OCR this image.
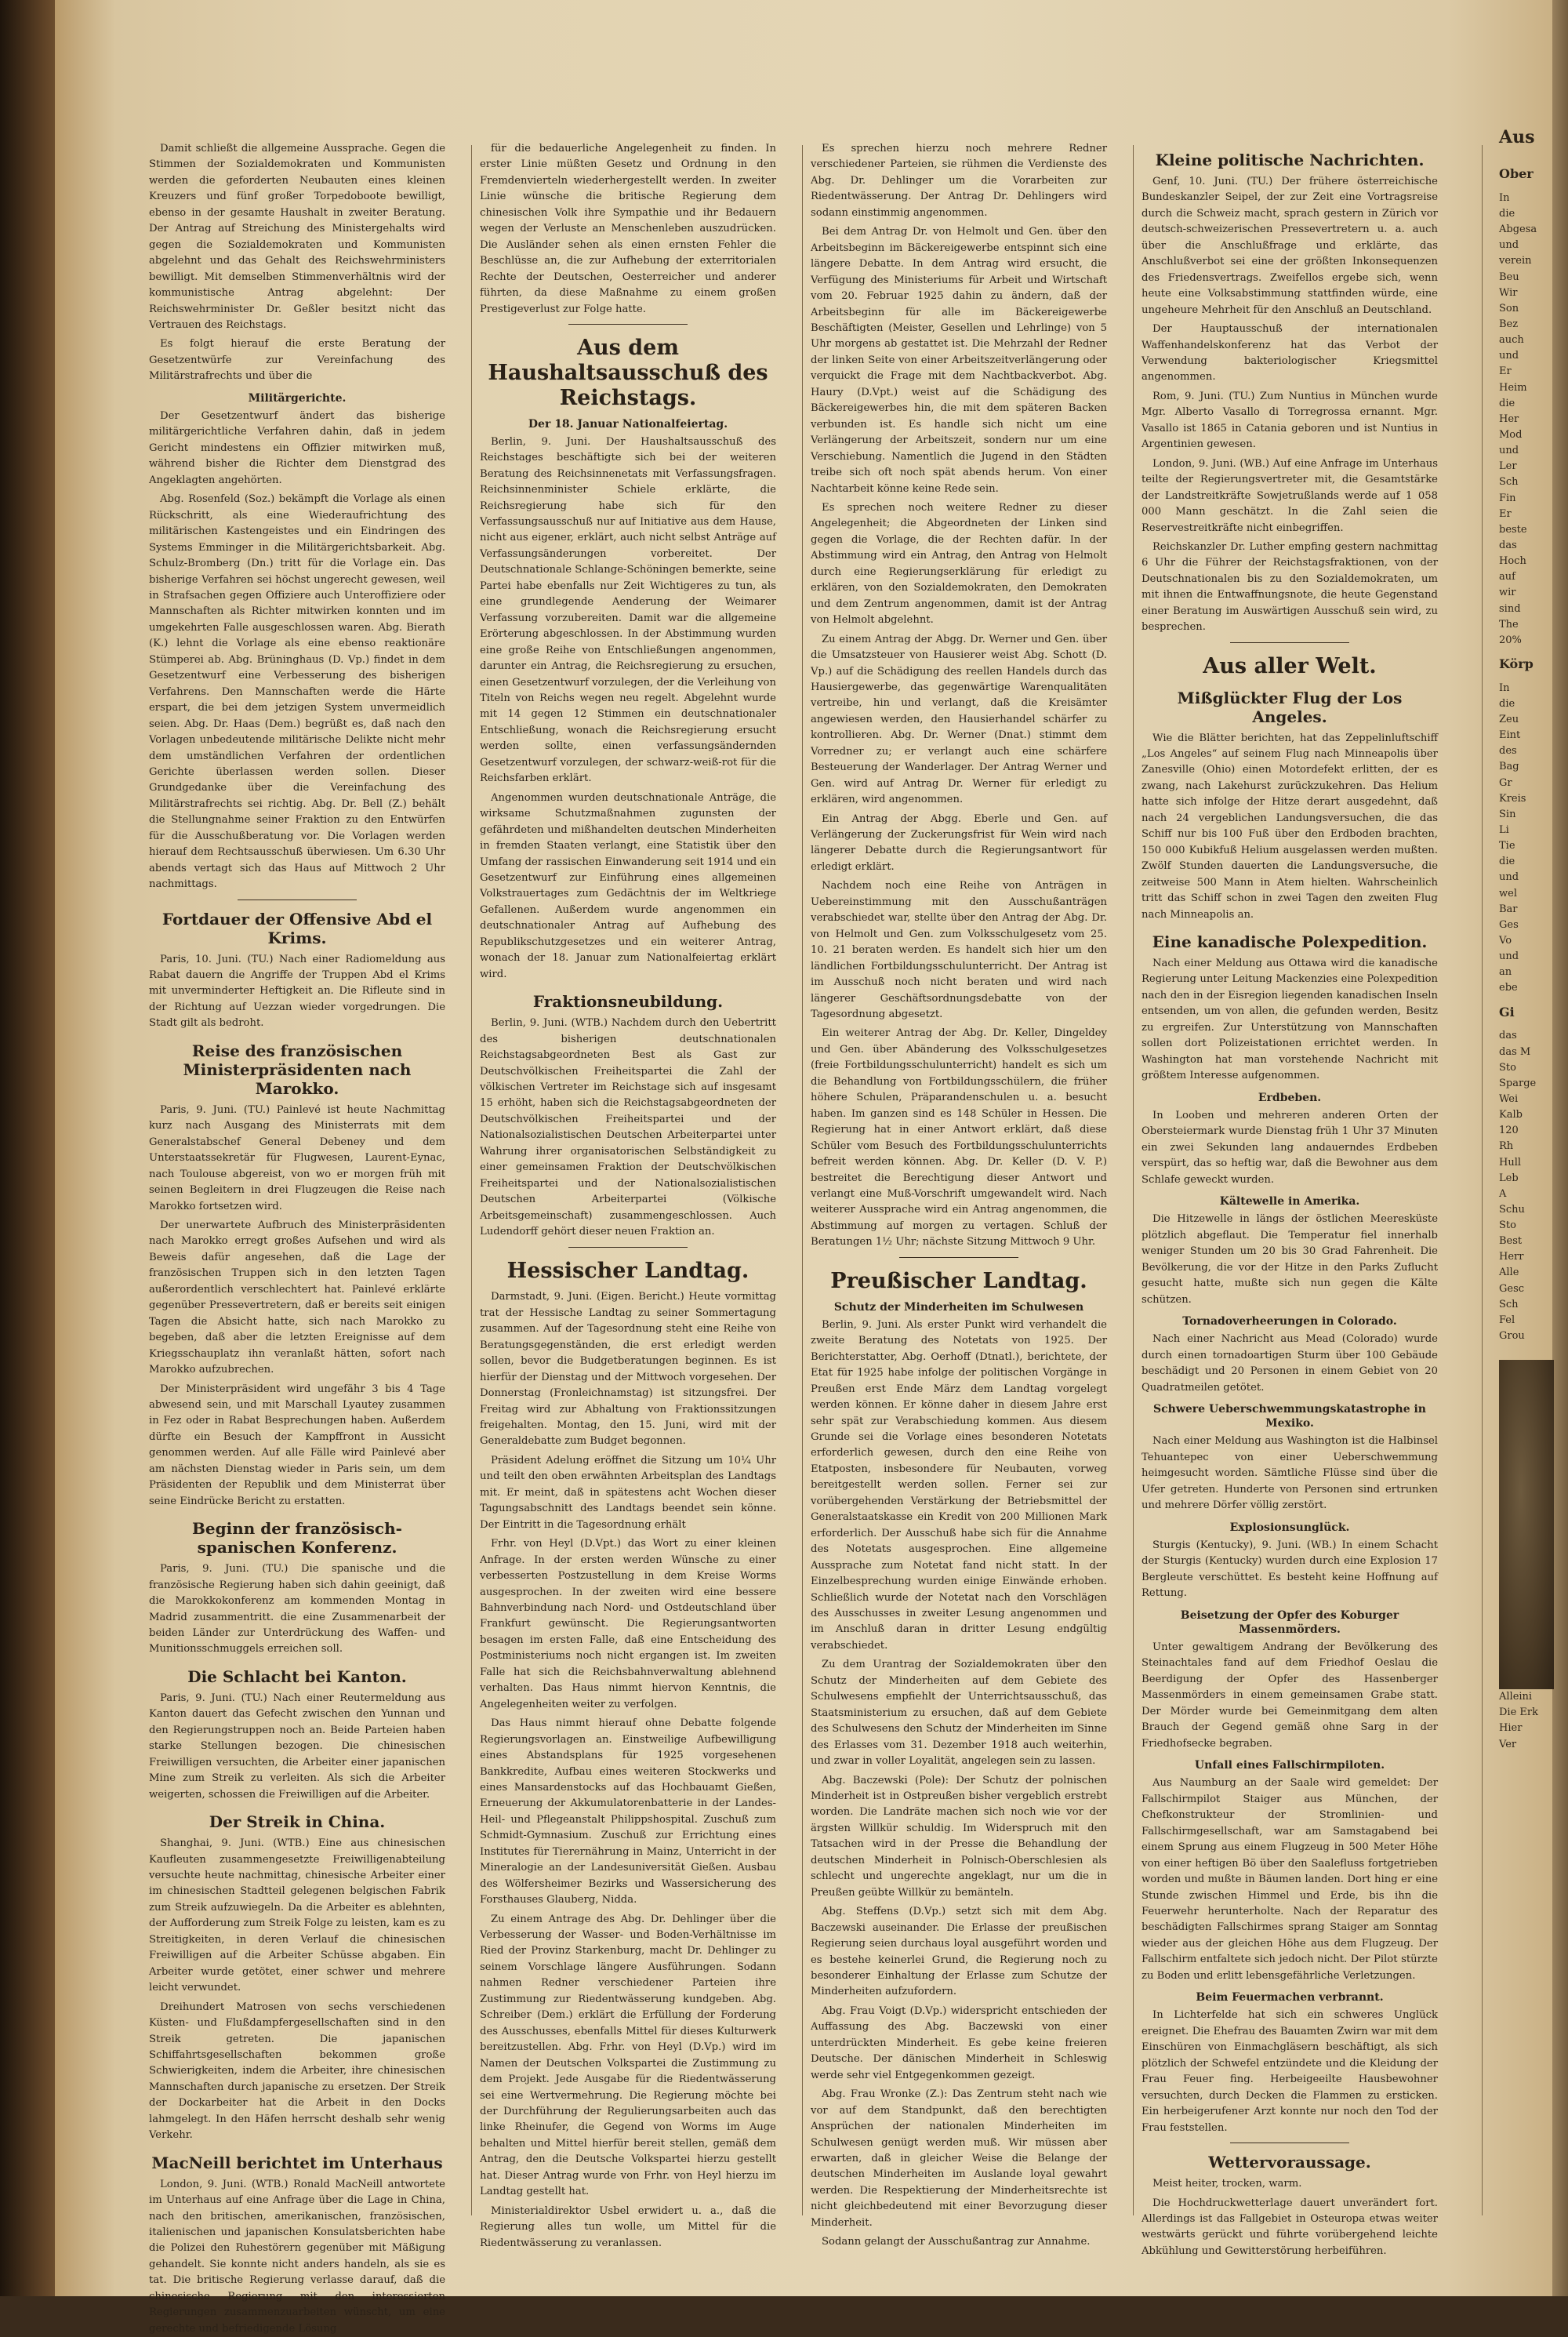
Damit schließt die allgemeine Aussprache. Gegen die Stimmen der Sozialdemokraten und Kommunisten werden die geforderten Neubauten eines kleinen Kreuzers und fünf großer Torpedoboote bewilligt, ebenso in der gesamte Haushalt in zweiter Beratung. Der Antrag auf Streichung des Ministergehalts wird gegen die Sozialdemokraten und Kommunisten abgelehnt und das Gehalt des Reichswehrministers bewilligt. Mit demselben Stimmenverhältnis wird der kommunistische Antrag abgelehnt: Der Reichswehrminister Dr. Geßler besitzt nicht das Vertrauen des Reichstags.

Es folgt hierauf die erste Beratung der Gesetzentwürfe zur Vereinfachung des Militärstrafrechts und über die

Militärgerichte.

Der Gesetzentwurf ändert das bisherige militärgerichtliche Verfahren dahin, daß in jedem Gericht mindestens ein Offizier mitwirken muß, während bisher die Richter dem Dienstgrad des Angeklagten angehörten.

Abg. Rosenfeld (Soz.) bekämpft die Vorlage als einen Rückschritt, als eine Wiederaufrichtung des militärischen Kastengeistes und ein Eindringen des Systems Emminger in die Militärgerichtsbarkeit. Abg. Schulz-Bromberg (Dn.) tritt für die Vorlage ein. Das bisherige Verfahren sei höchst ungerecht gewesen, weil in Strafsachen gegen Offiziere auch Unteroffiziere oder Mannschaften als Richter mitwirken konnten und im umgekehrten Falle ausgeschlossen waren. Abg. Bierath (K.) lehnt die Vorlage als eine ebenso reaktionäre Stümperei ab. Abg. Brüninghaus (D. Vp.) findet in dem Gesetzentwurf eine Verbesserung des bisherigen Verfahrens. Den Mannschaften werde die Härte erspart, die bei dem jetzigen System unvermeidlich seien. Abg. Dr. Haas (Dem.) begrüßt es, daß nach den Vorlagen unbedeutende militärische Delikte nicht mehr dem umständlichen Verfahren der ordentlichen Gerichte überlassen werden sollen. Dieser Grundgedanke über die Vereinfachung des Militärstrafrechts sei richtig. Abg. Dr. Bell (Z.) behält die Stellungnahme seiner Fraktion zu den Entwürfen für die Ausschußberatung vor. Die Vorlagen werden hierauf dem Rechtsausschuß überwiesen. Um 6.30 Uhr abends vertagt sich das Haus auf Mittwoch 2 Uhr nachmittags.

Fortdauer der Offensive Abd el Krims.

Paris, 10. Juni. (TU.) Nach einer Radiomeldung aus Rabat dauern die Angriffe der Truppen Abd el Krims mit unverminderter Heftigkeit an. Die Rifleute sind in der Richtung auf Uezzan wieder vorgedrungen. Die Stadt gilt als bedroht.

Reise des französischen Ministerpräsidenten nach Marokko.

Paris, 9. Juni. (TU.) Painlevé ist heute Nachmittag kurz nach Ausgang des Ministerrats mit dem Generalstabschef General Debeney und dem Unterstaatssekretär für Flugwesen, Laurent-Eynac, nach Toulouse abgereist, von wo er morgen früh mit seinen Begleitern in drei Flugzeugen die Reise nach Marokko fortsetzen wird.

Der unerwartete Aufbruch des Ministerpräsidenten nach Marokko erregt großes Aufsehen und wird als Beweis dafür angesehen, daß die Lage der französischen Truppen sich in den letzten Tagen außerordentlich verschlechtert hat. Painlevé erklärte gegenüber Pressevertretern, daß er bereits seit einigen Tagen die Absicht hatte, sich nach Marokko zu begeben, daß aber die letzten Ereignisse auf dem Kriegsschauplatz ihn veranlaßt hätten, sofort nach Marokko aufzubrechen.

Der Ministerpräsident wird ungefähr 3 bis 4 Tage abwesend sein, und mit Marschall Lyautey zusammen in Fez oder in Rabat Besprechungen haben. Außerdem dürfte ein Besuch der Kampffront in Aussicht genommen werden. Auf alle Fälle wird Painlevé aber am nächsten Dienstag wieder in Paris sein, um dem Präsidenten der Republik und dem Ministerrat über seine Eindrücke Bericht zu erstatten.

Beginn der französisch-spanischen Konferenz.

Paris, 9. Juni. (TU.) Die spanische und die französische Regierung haben sich dahin geeinigt, daß die Marokkokonferenz am kommenden Montag in Madrid zusammentritt. die eine Zusammenarbeit der beiden Länder zur Unterdrückung des Waffen- und Munitionsschmuggels erreichen soll.

Die Schlacht bei Kanton.

Paris, 9. Juni. (TU.) Nach einer Reutermeldung aus Kanton dauert das Gefecht zwischen den Yunnan und den Regierungstruppen noch an. Beide Parteien haben starke Stellungen bezogen. Die chinesischen Freiwilligen versuchten, die Arbeiter einer japanischen Mine zum Streik zu verleiten. Als sich die Arbeiter weigerten, schossen die Freiwilligen auf die Arbeiter.

Der Streik in China.

Shanghai, 9. Juni. (WTB.) Eine aus chinesischen Kaufleuten zusammengesetzte Freiwilligenabteilung versuchte heute nachmittag, chinesische Arbeiter einer im chinesischen Stadtteil gelegenen belgischen Fabrik zum Streik aufzuwiegeln. Da die Arbeiter es ablehnten, der Aufforderung zum Streik Folge zu leisten, kam es zu Streitigkeiten, in deren Verlauf die chinesischen Freiwilligen auf die Arbeiter Schüsse abgaben. Ein Arbeiter wurde getötet, einer schwer und mehrere leicht verwundet.

Dreihundert Matrosen von sechs verschiedenen Küsten- und Flußdampfergesellschaften sind in den Streik getreten. Die japanischen Schiffahrtsgesellschaften bekommen große Schwierigkeiten, indem die Arbeiter, ihre chinesischen Mannschaften durch japanische zu ersetzen. Der Streik der Dockarbeiter hat die Arbeit in den Docks lahmgelegt. In den Häfen herrscht deshalb sehr wenig Verkehr.

MacNeill berichtet im Unterhaus

London, 9. Juni. (WTB.) Ronald MacNeill antwortete im Unterhaus auf eine Anfrage über die Lage in China, nach den britischen, amerikanischen, französischen, italienischen und japanischen Konsulatsberichten habe die Polizei den Ruhestörern gegenüber mit Mäßigung gehandelt. Sie konnte nicht anders handeln, als sie es tat. Die britische Regierung verlasse darauf, daß die chinesische Regierung mit den interessierten Regierungen zusammenzuarbeiten wünscht, um eine gerechte und befriedigende Lösung

für die bedauerliche Angelegenheit zu finden. In erster Linie müßten Gesetz und Ordnung in den Fremdenvierteln wiederhergestellt werden. In zweiter Linie wünsche die britische Regierung dem chinesischen Volk ihre Sympathie und ihr Bedauern wegen der Verluste an Menschenleben auszudrücken. Die Ausländer sehen als einen ernsten Fehler die Beschlüsse an, die zur Aufhebung der exterritorialen Rechte der Deutschen, Oesterreicher und anderer führten, da diese Maßnahme zu einem großen Prestigeverlust zur Folge hatte.

Aus dem Haushaltsausschuß des Reichstags.
Der 18. Januar Nationalfeiertag.

Berlin, 9. Juni. Der Haushaltsausschuß des Reichstages beschäftigte sich bei der weiteren Beratung des Reichsinnenetats mit Verfassungsfragen. Reichsinnenminister Schiele erklärte, die Reichsregierung habe sich für den Verfassungsausschuß nur auf Initiative aus dem Hause, nicht aus eigener, erklärt, auch nicht selbst Anträge auf Verfassungsänderungen vorbereitet. Der Deutschnationale Schlange-Schöningen bemerkte, seine Partei habe ebenfalls nur Zeit Wichtigeres zu tun, als eine grundlegende Aenderung der Weimarer Verfassung vorzubereiten. Damit war die allgemeine Erörterung abgeschlossen. In der Abstimmung wurden eine große Reihe von Entschließungen angenommen, darunter ein Antrag, die Reichsregierung zu ersuchen, einen Gesetzentwurf vorzulegen, der die Verleihung von Titeln von Reichs wegen neu regelt. Abgelehnt wurde mit 14 gegen 12 Stimmen ein deutschnationaler Entschließung, wonach die Reichsregierung ersucht werden sollte, einen verfassungsändernden Gesetzentwurf vorzulegen, der schwarz-weiß-rot für die Reichsfarben erklärt.

Angenommen wurden deutschnationale Anträge, die wirksame Schutzmaßnahmen zugunsten der gefährdeten und mißhandelten deutschen Minderheiten in fremden Staaten verlangt, eine Statistik über den Umfang der rassischen Einwanderung seit 1914 und ein Gesetzentwurf zur Einführung eines allgemeinen Volkstrauertages zum Gedächtnis der im Weltkriege Gefallenen. Außerdem wurde angenommen ein deutschnationaler Antrag auf Aufhebung des Republikschutzgesetzes und ein weiterer Antrag, wonach der 18. Januar zum Nationalfeiertag erklärt wird.

Fraktionsneubildung.

Berlin, 9. Juni. (WTB.) Nachdem durch den Uebertritt des bisherigen deutschnationalen Reichstagsabgeordneten Best als Gast zur Deutschvölkischen Freiheitspartei die Zahl der völkischen Vertreter im Reichstage sich auf insgesamt 15 erhöht, haben sich die Reichstagsabgeordneten der Deutschvölkischen Freiheitspartei und der Nationalsozialistischen Deutschen Arbeiterpartei unter Wahrung ihrer organisatorischen Selbständigkeit zu einer gemeinsamen Fraktion der Deutschvölkischen Freiheitspartei und der Nationalsozialistischen Deutschen Arbeiterpartei (Völkische Arbeitsgemeinschaft) zusammengeschlossen. Auch Ludendorff gehört dieser neuen Fraktion an.

Hessischer Landtag.

Darmstadt, 9. Juni. (Eigen. Bericht.) Heute vormittag trat der Hessische Landtag zu seiner Sommertagung zusammen. Auf der Tagesordnung steht eine Reihe von Beratungsgegenständen, die erst erledigt werden sollen, bevor die Budgetberatungen beginnen. Es ist hierfür der Dienstag und der Mittwoch vorgesehen. Der Donnerstag (Fronleichnamstag) ist sitzungsfrei. Der Freitag wird zur Abhaltung von Fraktionssitzungen freigehalten. Montag, den 15. Juni, wird mit der Generaldebatte zum Budget begonnen.

Präsident Adelung eröffnet die Sitzung um 10¼ Uhr und teilt den oben erwähnten Arbeitsplan des Landtags mit. Er meint, daß in spätestens acht Wochen dieser Tagungsabschnitt des Landtags beendet sein könne. Der Eintritt in die Tagesordnung erhält

Frhr. von Heyl (D.Vpt.) das Wort zu einer kleinen Anfrage. In der ersten werden Wünsche zu einer verbesserten Postzustellung in dem Kreise Worms ausgesprochen. In der zweiten wird eine bessere Bahnverbindung nach Nord- und Ostdeutschland über Frankfurt gewünscht. Die Regierungsantworten besagen im ersten Falle, daß eine Entscheidung des Postministeriums noch nicht ergangen ist. Im zweiten Falle hat sich die Reichsbahnverwaltung ablehnend verhalten. Das Haus nimmt hiervon Kenntnis, die Angelegenheiten weiter zu verfolgen.

Das Haus nimmt hierauf ohne Debatte folgende Regierungsvorlagen an. Einstweilige Aufbewilligung eines Abstandsplans für 1925 vorgesehenen Bankkredite, Aufbau eines weiteren Stockwerks und eines Mansardenstocks auf das Hochbauamt Gießen, Erneuerung der Akkumulatorenbatterie in der Landes-Heil- und Pflegeanstalt Philippshospital. Zuschuß zum Schmidt-Gymnasium. Zuschuß zur Errichtung eines Institutes für Tierernährung in Mainz, Unterricht in der Mineralogie an der Landesuniversität Gießen. Ausbau des Wölfersheimer Bezirks und Wassersicherung des Forsthauses Glauberg, Nidda.

Zu einem Antrage des Abg. Dr. Dehlinger über die Verbesserung der Wasser- und Boden-Verhältnisse im Ried der Provinz Starkenburg, macht Dr. Dehlinger zu seinem Vorschlage längere Ausführungen. Sodann nahmen Redner verschiedener Parteien ihre Zustimmung zur Riedentwässerung kundgeben. Abg. Schreiber (Dem.) erklärt die Erfüllung der Forderung des Ausschusses, ebenfalls Mittel für dieses Kulturwerk bereitzustellen. Abg. Frhr. von Heyl (D.Vp.) wird im Namen der Deutschen Volkspartei die Zustimmung zu dem Projekt. Jede Ausgabe für die Riedentwässerung sei eine Wertvermehrung. Die Regierung möchte bei der Durchführung der Regulierungsarbeiten auch das linke Rheinufer, die Gegend von Worms im Auge behalten und Mittel hierfür bereit stellen, gemäß dem Antrag, den die Deutsche Volkspartei hierzu gestellt hat. Dieser Antrag wurde von Frhr. von Heyl hierzu im Landtag gestellt hat.

Ministerialdirektor Usbel erwidert u. a., daß die Regierung alles tun wolle, um Mittel für die Riedentwässerung zu veranlassen.

Es sprechen hierzu noch mehrere Redner verschiedener Parteien, sie rühmen die Verdienste des Abg. Dr. Dehlinger um die Vorarbeiten zur Riedentwässerung. Der Antrag Dr. Dehlingers wird sodann einstimmig angenommen.

Bei dem Antrag Dr. von Helmolt und Gen. über den Arbeitsbeginn im Bäckereigewerbe entspinnt sich eine längere Debatte. In dem Antrag wird ersucht, die Verfügung des Ministeriums für Arbeit und Wirtschaft vom 20. Februar 1925 dahin zu ändern, daß der Arbeitsbeginn für alle im Bäckereigewerbe Beschäftigten (Meister, Gesellen und Lehrlinge) von 5 Uhr morgens ab gestattet ist. Die Mehrzahl der Redner der linken Seite von einer Arbeitszeitverlängerung oder verquickt die Frage mit dem Nachtbackverbot. Abg. Haury (D.Vpt.) weist auf die Schädigung des Bäckereigewerbes hin, die mit dem späteren Backen verbunden ist. Es handle sich nicht um eine Verlängerung der Arbeitszeit, sondern nur um eine Verschiebung. Namentlich die Jugend in den Städten treibe sich oft noch spät abends herum. Von einer Nachtarbeit könne keine Rede sein.

Es sprechen noch weitere Redner zu dieser Angelegenheit; die Abgeordneten der Linken sind gegen die Vorlage, die der Rechten dafür. In der Abstimmung wird ein Antrag, den Antrag von Helmolt durch eine Regierungserklärung für erledigt zu erklären, von den Sozialdemokraten, den Demokraten und dem Zentrum angenommen, damit ist der Antrag von Helmolt abgelehnt.

Zu einem Antrag der Abgg. Dr. Werner und Gen. über die Umsatzsteuer von Hausierer weist Abg. Schott (D. Vp.) auf die Schädigung des reellen Handels durch das Hausiergewerbe, das gegenwärtige Warenqualitäten vertreibe, hin und verlangt, daß die Kreisämter angewiesen werden, den Hausierhandel schärfer zu kontrollieren. Abg. Dr. Werner (Dnat.) stimmt dem Vorredner zu; er verlangt auch eine schärfere Besteuerung der Wanderlager. Der Antrag Werner und Gen. wird auf Antrag Dr. Werner für erledigt zu erklären, wird angenommen.

Ein Antrag der Abgg. Eberle und Gen. auf Verlängerung der Zuckerungsfrist für Wein wird nach längerer Debatte durch die Regierungsantwort für erledigt erklärt.

Nachdem noch eine Reihe von Anträgen in Uebereinstimmung mit den Ausschußanträgen verabschiedet war, stellte über den Antrag der Abg. Dr. von Helmolt und Gen. zum Volksschulgesetz vom 25. 10. 21 beraten werden. Es handelt sich hier um den ländlichen Fortbildungsschulunterricht. Der Antrag ist im Ausschuß noch nicht beraten und wird nach längerer Geschäftsordnungsdebatte von der Tagesordnung abgesetzt.

Ein weiterer Antrag der Abg. Dr. Keller, Dingeldey und Gen. über Abänderung des Volksschulgesetzes (freie Fortbildungsschulunterricht) handelt es sich um die Behandlung von Fortbildungsschülern, die früher höhere Schulen, Präparandenschulen u. a. besucht haben. Im ganzen sind es 148 Schüler in Hessen. Die Regierung hat in einer Antwort erklärt, daß diese Schüler vom Besuch des Fortbildungsschulunterrichts befreit werden können. Abg. Dr. Keller (D. V. P.) bestreitet die Berechtigung dieser Antwort und verlangt eine Muß-Vorschrift umgewandelt wird. Nach weiterer Aussprache wird ein Antrag angenommen, die Abstimmung auf morgen zu vertagen. Schluß der Beratungen 1½ Uhr; nächste Sitzung Mittwoch 9 Uhr.

Preußischer Landtag.
Schutz der Minderheiten im Schulwesen

Berlin, 9. Juni. Als erster Punkt wird verhandelt die zweite Beratung des Notetats von 1925. Der Berichterstatter, Abg. Oerhoff (Dtnatl.), berichtete, der Etat für 1925 habe infolge der politischen Vorgänge in Preußen erst Ende März dem Landtag vorgelegt werden können. Er könne daher in diesem Jahre erst sehr spät zur Verabschiedung kommen. Aus diesem Grunde sei die Vorlage eines besonderen Notetats erforderlich gewesen, durch den eine Reihe von Etatposten, insbesondere für Neubauten, vorweg bereitgestellt werden sollen. Ferner sei zur vorübergehenden Verstärkung der Betriebsmittel der Generalstaatskasse ein Kredit von 200 Millionen Mark erforderlich. Der Ausschuß habe sich für die Annahme des Notetats ausgesprochen. Eine allgemeine Aussprache zum Notetat fand nicht statt. In der Einzelbesprechung wurden einige Einwände erhoben. Schließlich wurde der Notetat nach den Vorschlägen des Ausschusses in zweiter Lesung angenommen und im Anschluß daran in dritter Lesung endgültig verabschiedet.

Zu dem Urantrag der Sozialdemokraten über den Schutz der Minderheiten auf dem Gebiete des Schulwesens empfiehlt der Unterrichtsausschuß, das Staatsministerium zu ersuchen, daß auf dem Gebiete des Schulwesens den Schutz der Minderheiten im Sinne des Erlasses vom 31. Dezember 1918 auch weiterhin, und zwar in voller Loyalität, angelegen sein zu lassen.

Abg. Baczewski (Pole): Der Schutz der polnischen Minderheit ist in Ostpreußen bisher vergeblich erstrebt worden. Die Landräte machen sich noch wie vor der ärgsten Willkür schuldig. Im Widerspruch mit den Tatsachen wird in der Presse die Behandlung der deutschen Minderheit in Polnisch-Oberschlesien als schlecht und ungerechte angeklagt, nur um die in Preußen geübte Willkür zu bemänteln.

Abg. Steffens (D.Vp.) setzt sich mit dem Abg. Baczewski auseinander. Die Erlasse der preußischen Regierung seien durchaus loyal ausgeführt worden und es bestehe keinerlei Grund, die Regierung noch zu besonderer Einhaltung der Erlasse zum Schutze der Minderheiten aufzufordern.

Abg. Frau Voigt (D.Vp.) widerspricht entschieden der Auffassung des Abg. Baczewski von einer unterdrückten Minderheit. Es gebe keine freieren Deutsche. Der dänischen Minderheit in Schleswig werde sehr viel Entgegenkommen gezeigt.

Abg. Frau Wronke (Z.): Das Zentrum steht nach wie vor auf dem Standpunkt, daß den berechtigten Ansprüchen der nationalen Minderheiten im Schulwesen genügt werden muß. Wir müssen aber erwarten, daß in gleicher Weise die Belange der deutschen Minderheiten im Auslande loyal gewahrt werden. Die Respektierung der Minderheitsrechte ist nicht gleichbedeutend mit einer Bevorzugung dieser Minderheit.

Sodann gelangt der Ausschußantrag zur Annahme.

Kleine politische Nachrichten.

Genf, 10. Juni. (TU.) Der frühere österreichische Bundeskanzler Seipel, der zur Zeit eine Vortragsreise durch die Schweiz macht, sprach gestern in Zürich vor deutsch-schweizerischen Pressevertretern u. a. auch über die Anschlußfrage und erklärte, das Anschlußverbot sei eine der größten Inkonsequenzen des Friedensvertrags. Zweifellos ergebe sich, wenn heute eine Volksabstimmung stattfinden würde, eine ungeheure Mehrheit für den Anschluß an Deutschland.

Der Hauptausschuß der internationalen Waffenhandelskonferenz hat das Verbot der Verwendung bakteriologischer Kriegsmittel angenommen.

Rom, 9. Juni. (TU.) Zum Nuntius in München wurde Mgr. Alberto Vasallo di Torregrossa ernannt. Mgr. Vasallo ist 1865 in Catania geboren und ist Nuntius in Argentinien gewesen.

London, 9. Juni. (WB.) Auf eine Anfrage im Unterhaus teilte der Regierungsvertreter mit, die Gesamtstärke der Landstreitkräfte Sowjetrußlands werde auf 1 058 000 Mann geschätzt. In die Zahl seien die Reservestreitkräfte nicht einbegriffen.

Reichskanzler Dr. Luther empfing gestern nachmittag 6 Uhr die Führer der Reichstagsfraktionen, von der Deutschnationalen bis zu den Sozialdemokraten, um mit ihnen die Entwaffnungsnote, die heute Gegenstand einer Beratung im Auswärtigen Ausschuß sein wird, zu besprechen.

Aus aller Welt.
Mißglückter Flug der Los Angeles.

Wie die Blätter berichten, hat das Zeppelinluftschiff „Los Angeles“ auf seinem Flug nach Minneapolis über Zanesville (Ohio) einen Motordefekt erlitten, der es zwang, nach Lakehurst zurückzukehren. Das Helium hatte sich infolge der Hitze derart ausgedehnt, daß nach 24 vergeblichen Landungsversuchen, die das Schiff nur bis 100 Fuß über den Erdboden brachten, 150 000 Kubikfuß Helium ausgelassen werden mußten. Zwölf Stunden dauerten die Landungsversuche, die zeitweise 500 Mann in Atem hielten. Wahrscheinlich tritt das Schiff schon in zwei Tagen den zweiten Flug nach Minneapolis an.

Eine kanadische Polexpedition.

Nach einer Meldung aus Ottawa wird die kanadische Regierung unter Leitung Mackenzies eine Polexpedition nach den in der Eisregion liegenden kanadischen Inseln entsenden, um von allen, die gefunden werden, Besitz zu ergreifen. Zur Unterstützung von Mannschaften sollen dort Polizeistationen errichtet werden. In Washington hat man vorstehende Nachricht mit größtem Interesse aufgenommen.

Erdbeben.

In Looben und mehreren anderen Orten der Obersteiermark wurde Dienstag früh 1 Uhr 37 Minuten ein zwei Sekunden lang andauerndes Erdbeben verspürt, das so heftig war, daß die Bewohner aus dem Schlafe geweckt wurden.

Kältewelle in Amerika.

Die Hitzewelle in längs der östlichen Meeresküste plötzlich abgeflaut. Die Temperatur fiel innerhalb weniger Stunden um 20 bis 30 Grad Fahrenheit. Die Bevölkerung, die vor der Hitze in den Parks Zuflucht gesucht hatte, mußte sich nun gegen die Kälte schützen.

Tornadoverheerungen in Colorado.

Nach einer Nachricht aus Mead (Colorado) wurde durch einen tornadoartigen Sturm über 100 Gebäude beschädigt und 20 Personen in einem Gebiet von 20 Quadratmeilen getötet.

Schwere Ueberschwemmungskatastrophe in Mexiko.

Nach einer Meldung aus Washington ist die Halbinsel Tehuantepec von einer Ueberschwemmung heimgesucht worden. Sämtliche Flüsse sind über die Ufer getreten. Hunderte von Personen sind ertrunken und mehrere Dörfer völlig zerstört.

Explosionsunglück.

Sturgis (Kentucky), 9. Juni. (WB.) In einem Schacht der Sturgis (Kentucky) wurden durch eine Explosion 17 Bergleute verschüttet. Es besteht keine Hoffnung auf Rettung.

Beisetzung der Opfer des Koburger Massenmörders.

Unter gewaltigem Andrang der Bevölkerung des Steinachtales fand auf dem Friedhof Oeslau die Beerdigung der Opfer des Hassenberger Massenmörders in einem gemeinsamen Grabe statt. Der Mörder wurde bei Gemeinmitgang dem alten Brauch der Gegend gemäß ohne Sarg in der Friedhofsecke begraben.

Unfall eines Fallschirmpiloten.

Aus Naumburg an der Saale wird gemeldet: Der Fallschirmpilot Staiger aus München, der Chefkonstrukteur der Stromlinien- und Fallschirmgesellschaft, war am Samstagabend bei einem Sprung aus einem Flugzeug in 500 Meter Höhe von einer heftigen Bö über den Saalefluss fortgetrieben worden und mußte in Bäumen landen. Dort hing er eine Stunde zwischen Himmel und Erde, bis ihn die Feuerwehr herunterholte. Nach der Reparatur des beschädigten Fallschirmes sprang Staiger am Sonntag wieder aus der gleichen Höhe aus dem Flugzeug. Der Fallschirm entfaltete sich jedoch nicht. Der Pilot stürzte zu Boden und erlitt lebensgefährliche Verletzungen.

Beim Feuermachen verbrannt.

In Lichterfelde hat sich ein schweres Unglück ereignet. Die Ehefrau des Bauamten Zwirn war mit dem Einschüren von Einmachgläsern beschäftigt, als sich plötzlich der Schwefel entzündete und die Kleidung der Frau Feuer fing. Herbeigeeilte Hausbewohner versuchten, durch Decken die Flammen zu ersticken. Ein herbeigerufener Arzt konnte nur noch den Tod der Frau feststellen.

Wettervoraussage.

Meist heiter, trocken, warm.

Die Hochdruckwetterlage dauert unverändert fort. Allerdings ist das Fallgebiet in Osteuropa etwas weiter westwärts gerückt und führte vorübergehend leichte Abkühlung und Gewitterstörung herbeiführen.

Aus
Ober
In
die
Abgesa
und
verein
Beu
Wir
Son
Bez
auch
und
Er
Heim
die
Her
Mod
und
Ler
Sch
Fin
Er
beste
das
Hoch
auf
wir
sind
The
20%
Körp
In
die
Zeu
Eint
des
Bag
Gr
Kreis
Sin
Li
Tie
die
und
wel
Bar
Ges
Vo
und
an
ebe
Gi
das
das M
Sto
Sparge
Wei
Kalb
120
Rh
Hull
Leb
A
Schu
Sto
Best
Herr
Alle
Gesc
Sch
Fel
Grou
Alleini
Die Erk
Hier
Ver
